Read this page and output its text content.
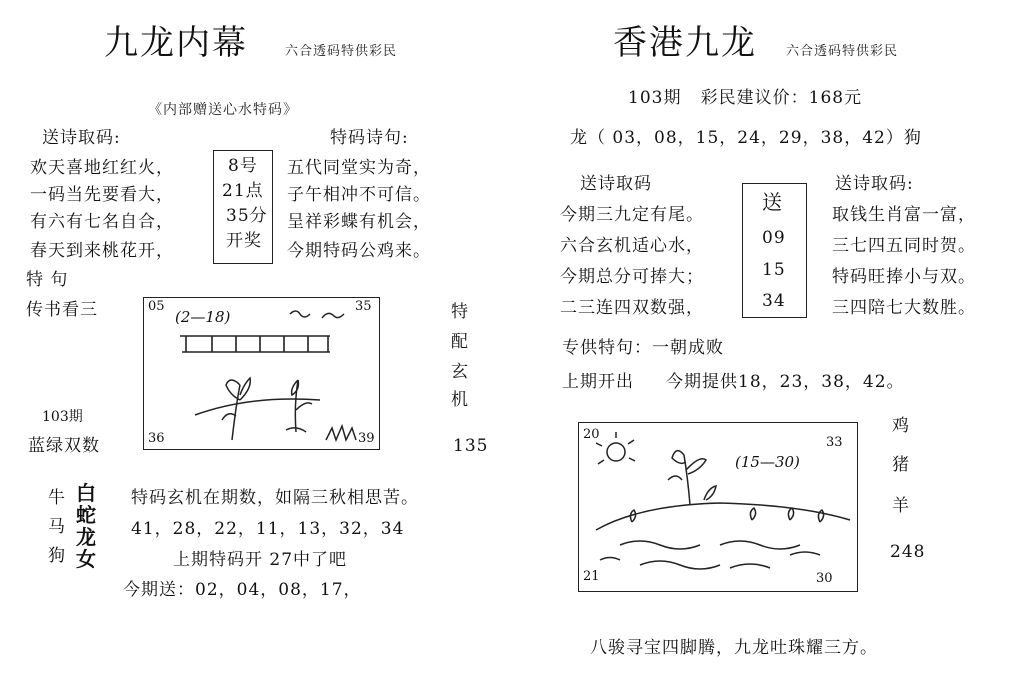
九龙内幕	六合透码特供彩民
《内部赠送心水特码》
送诗取码:
欢天喜地红红火，
一码当先要看大，
有六有七名自合，
春天到来桃花开，
8号
21点
35分
开奖
特码诗句:
五代同堂实为奇，
子午相冲不可信。
呈祥彩蝶有机会，
今期特码公鸡来。
特 句
传书看三	05	35
36	39
(2—18)	特
配
玄
机
103期
蓝绿双数	135
牛
马
狗
白
蛇
龙
女
特码玄机在期数，如隔三秋相思苦。
41，28，22，11，13，32，34
上期特码开 27中了吧
今期送：02，04，08，17，
香港九龙 六合透码特供彩民
103期   彩民建议价：168元
龙（ 03，08，15，24，29，38，42）狗
送诗取码
今期三九定有尾。
六合玄机适心水，
今期总分可捧大；
二三连四双数强，
送
09
15
34
送诗取码:
取钱生肖富一富，
三七四五同时贺。
特码旺捧小与双。
三四陪七大数胜。
专供特句：一朝成败
上期开出     今期提供18，23，38，42。
20
33
21	30
(15—30)
鸡
猪
羊
248
八骏寻宝四脚腾，九龙吐珠耀三方。
